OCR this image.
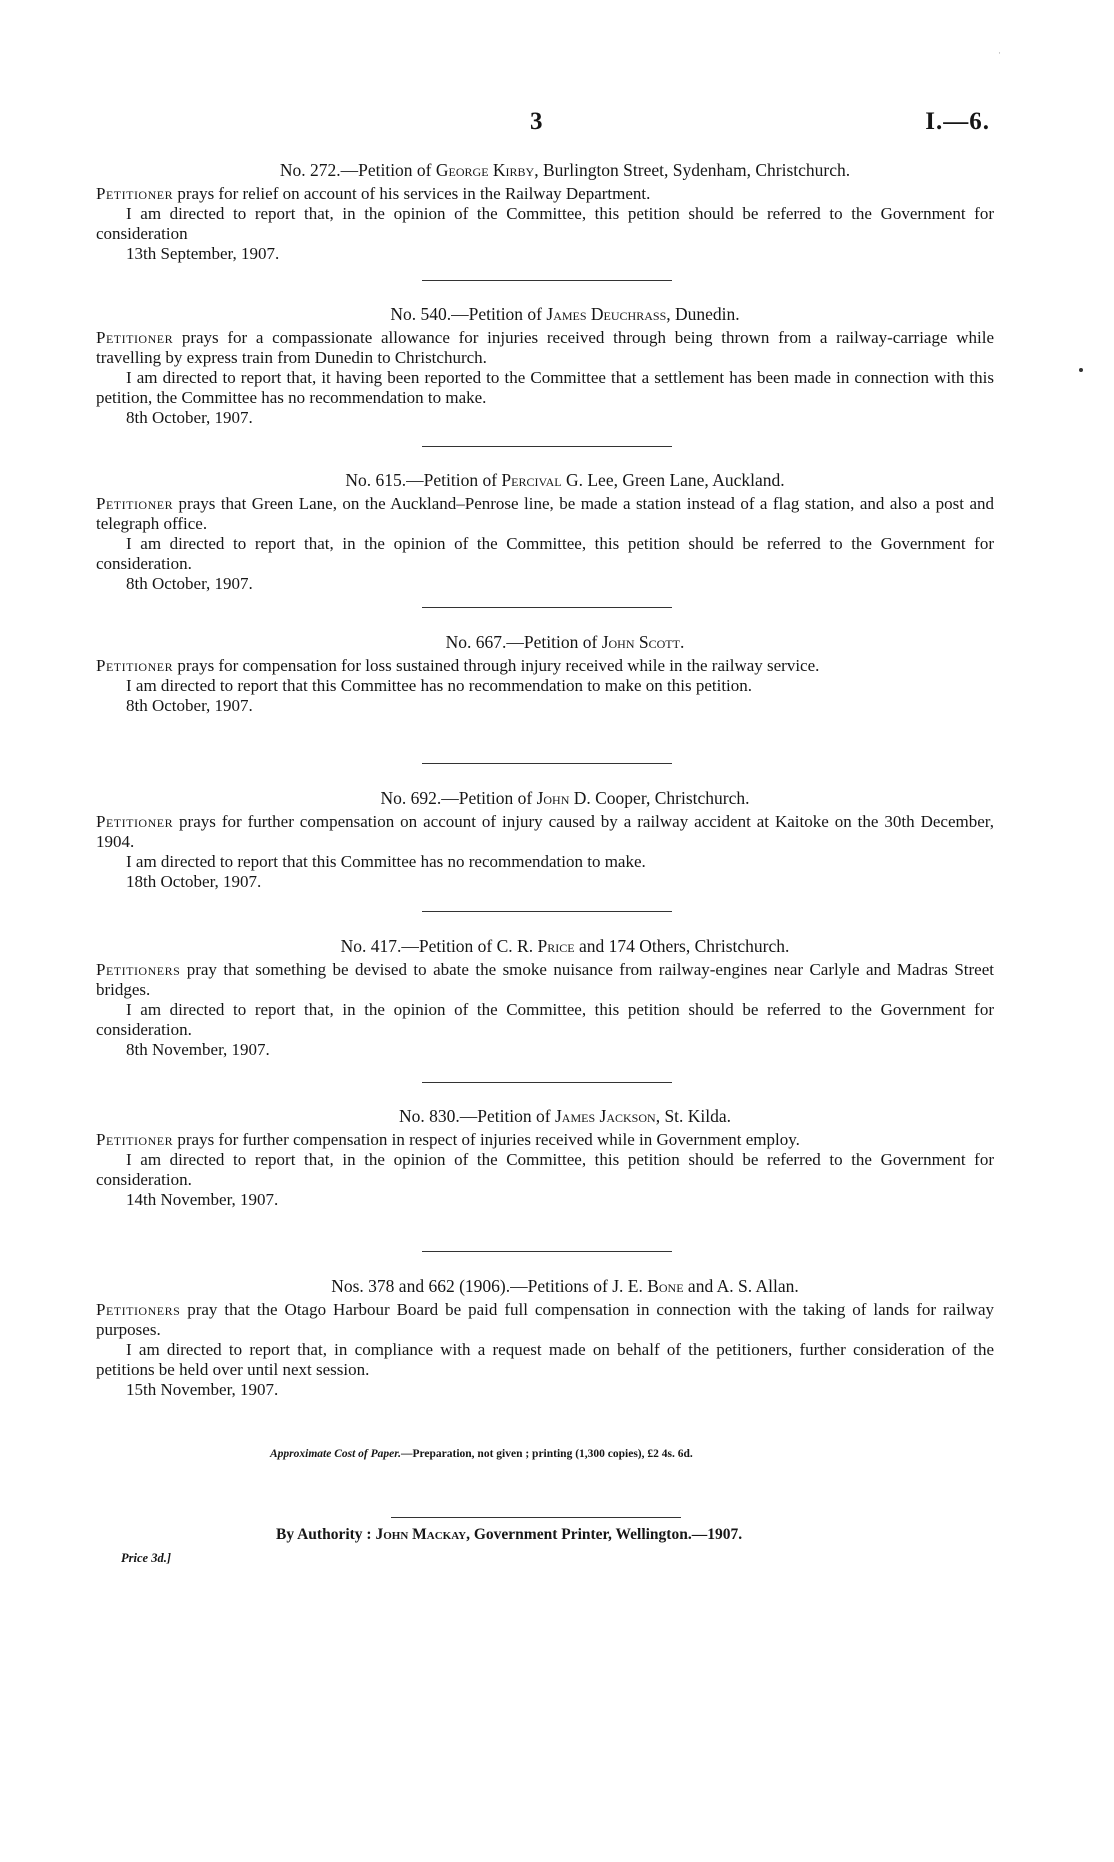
·
3	I.—6.
No. 272.—Petition of George Kirby, Burlington Street, Sydenham, Christchurch.

Petitioner prays for relief on account of his services in the Railway Department.

I am directed to report that, in the opinion of the Committee, this petition should be referred to the Government for consideration

13th September, 1907.
No. 540.—Petition of James Deuchrass, Dunedin.

Petitioner prays for a compassionate allowance for injuries received through being thrown from a railway-carriage while travelling by express train from Dunedin to Christchurch.

I am directed to report that, it having been reported to the Committee that a settlement has been made in connection with this petition, the Committee has no recommendation to make.

8th October, 1907.
No. 615.—Petition of Percival G. Lee, Green Lane, Auckland.

Petitioner prays that Green Lane, on the Auckland–Penrose line, be made a station instead of a flag station, and also a post and telegraph office.

I am directed to report that, in the opinion of the Committee, this petition should be referred to the Government for consideration.

8th October, 1907.
No. 667.—Petition of John Scott.

Petitioner prays for compensation for loss sustained through injury received while in the railway service.

I am directed to report that this Committee has no recommendation to make on this petition.

8th October, 1907.
No. 692.—Petition of John D. Cooper, Christchurch.

Petitioner prays for further compensation on account of injury caused by a railway accident at Kaitoke on the 30th December, 1904.

I am directed to report that this Committee has no recommendation to make.

18th October, 1907.
No. 417.—Petition of C. R. Price and 174 Others, Christchurch.

Petitioners pray that something be devised to abate the smoke nuisance from railway-engines near Carlyle and Madras Street bridges.

I am directed to report that, in the opinion of the Committee, this petition should be referred to the Government for consideration.

8th November, 1907.
No. 830.—Petition of James Jackson, St. Kilda.

Petitioner prays for further compensation in respect of injuries received while in Government employ.

I am directed to report that, in the opinion of the Committee, this petition should be referred to the Government for consideration.

14th November, 1907.
Nos. 378 and 662 (1906).—Petitions of J. E. Bone and A. S. Allan.

Petitioners pray that the Otago Harbour Board be paid full compensation in connection with the taking of lands for railway purposes.

I am directed to report that, in compliance with a request made on behalf of the petitioners, further consideration of the petitions be held over until next session.

15th November, 1907.
Approximate Cost of Paper.—Preparation, not given ; printing (1,300 copies), £2 4s. 6d.
By Authority : John Mackay, Government Printer, Wellington.—1907.
Price 3d.]
